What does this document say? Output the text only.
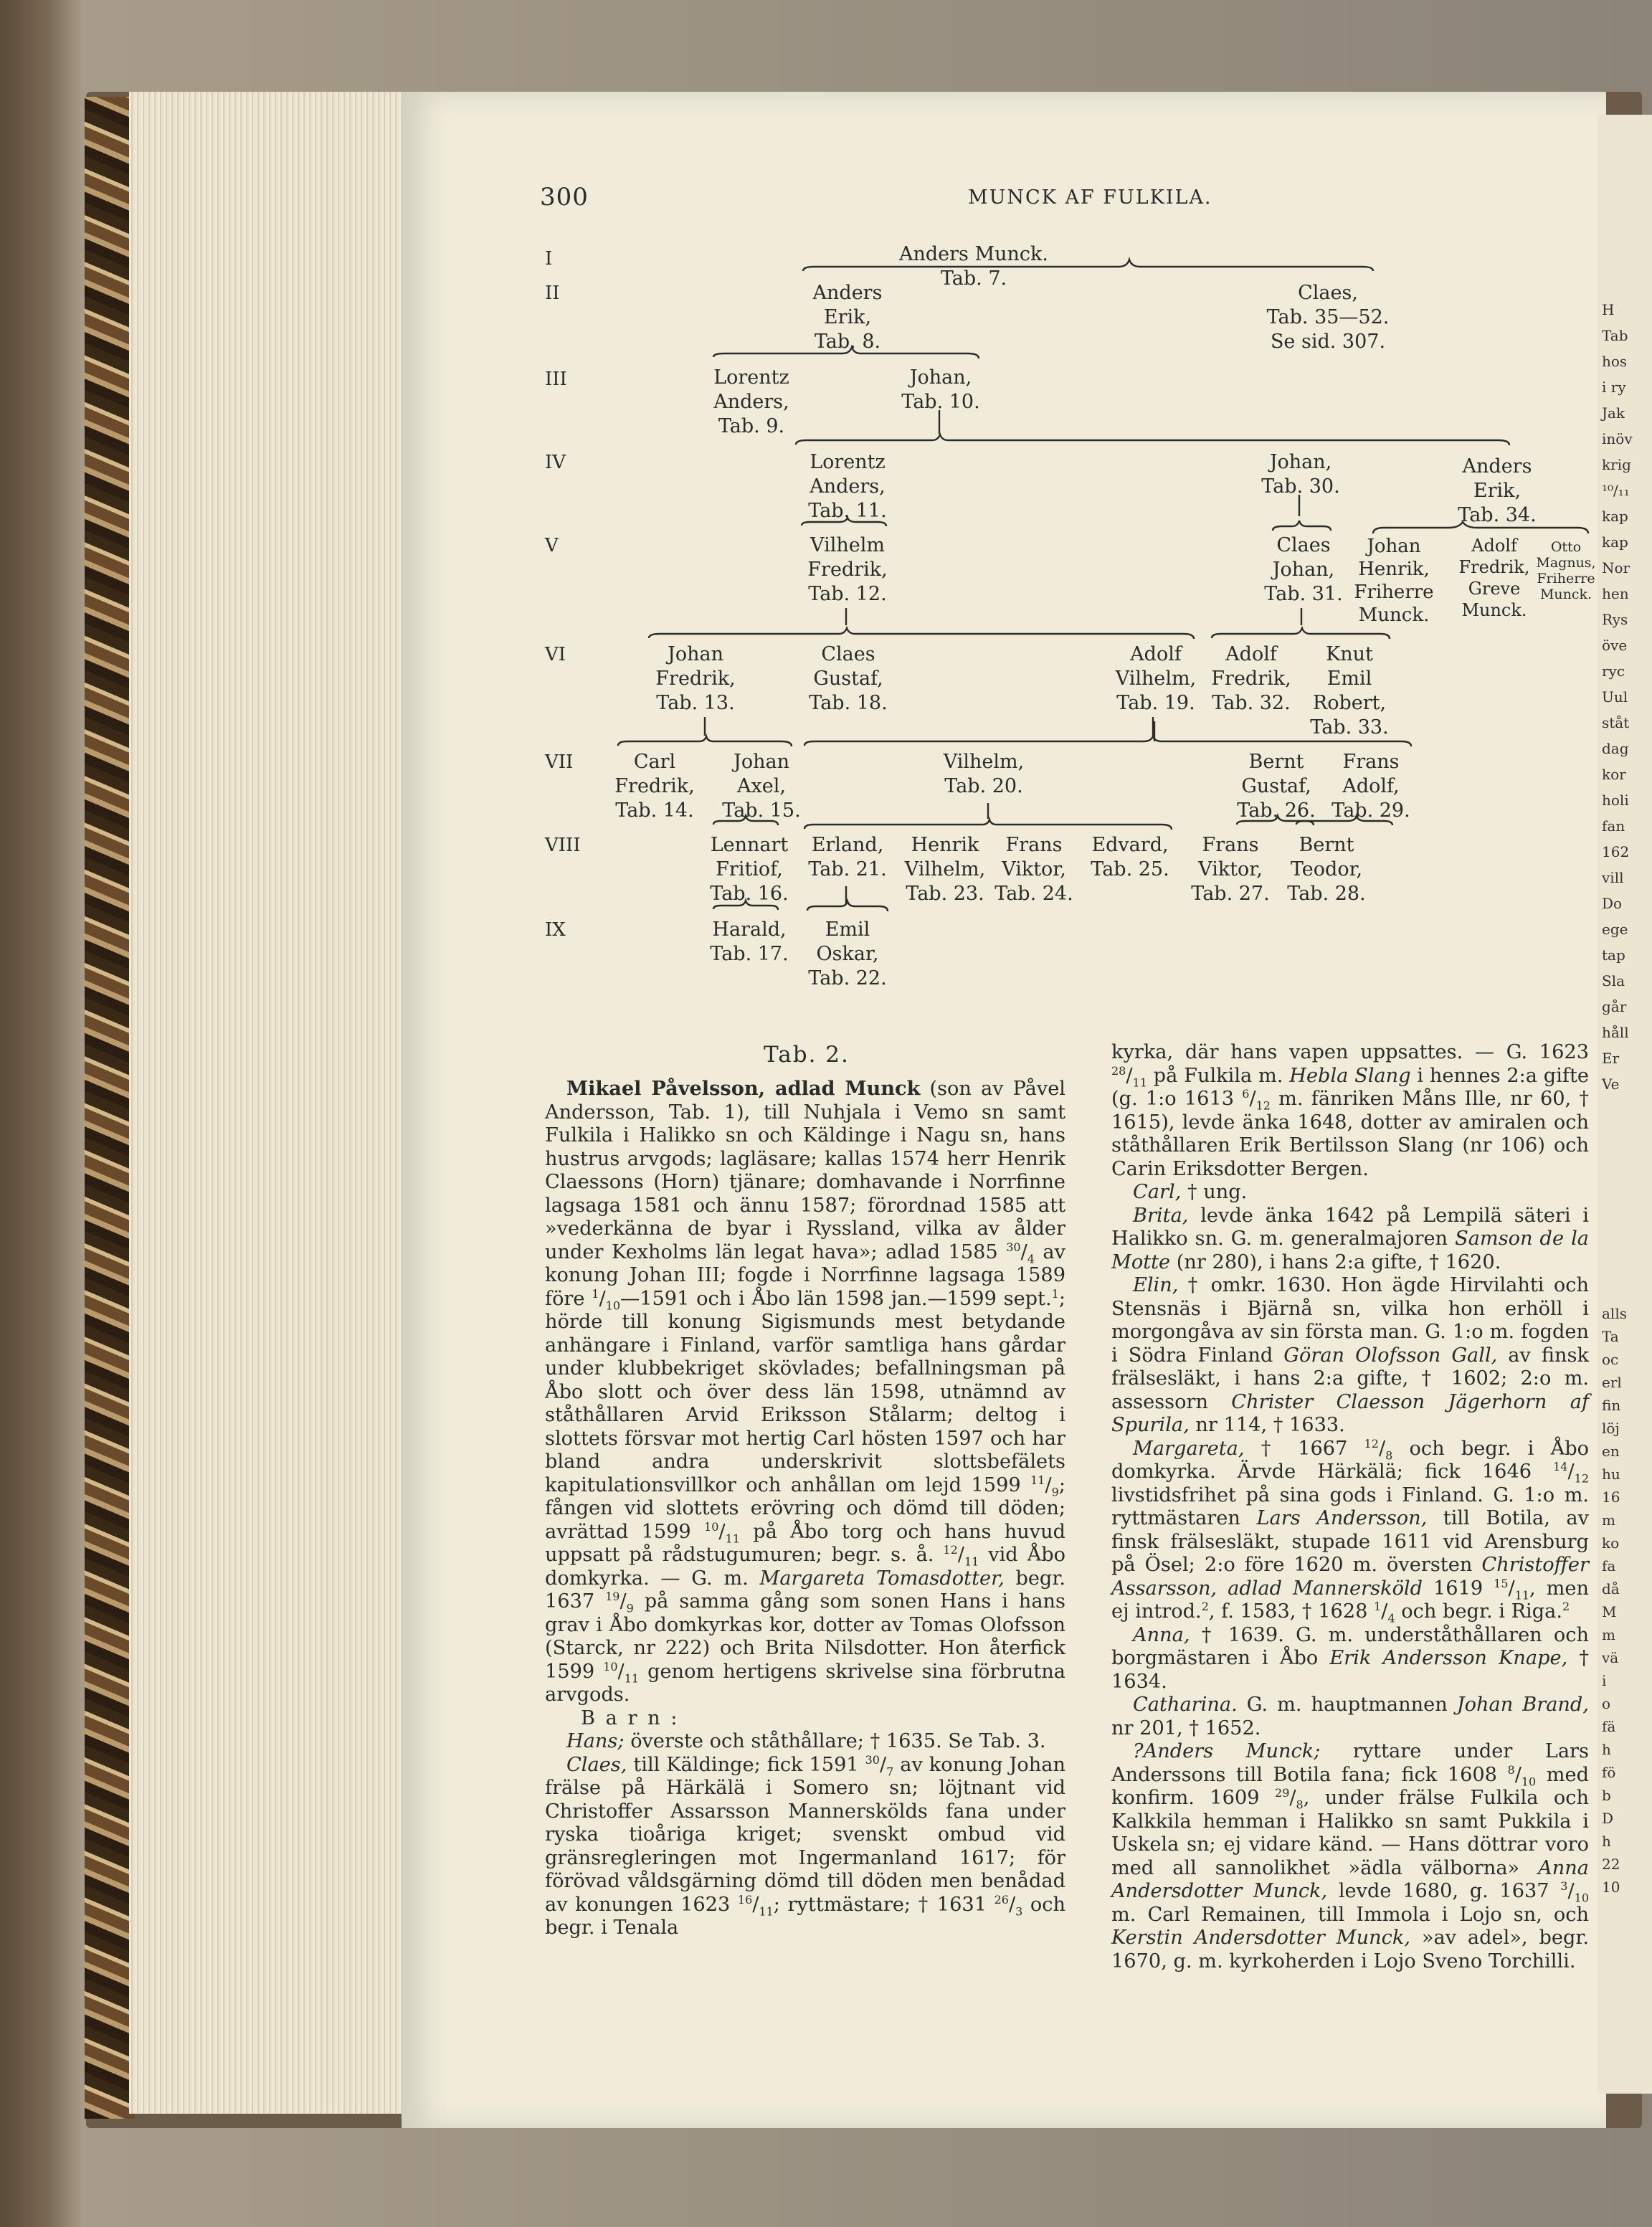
H
Tab
hos
i ry
Jak
inöv
krig
¹⁰/₁₁
kap
kap
Nor
hen
Rys
öve
ryc
Uul
ståt
dag
kor
holi
fan
162
vill
Do
ege
tap
Sla
går
håll
Er
Ve
alls
Ta
oc
erl
fin
löj
en
hu
16
m
ko
fa
då
M
m
vä
i
o
fä
h
fö
b
D
h
22
10
300	MUNCK AF FULKILA.
I
II
III
IV
V
VI
VII
VIII
IX
Anders Munck. Tab. 7.
Anders
Erik,
Tab. 8.
Claes,
Tab. 35—52.
Se sid. 307.
Lorentz
Anders,
Tab. 9.
Johan,
Tab. 10.
Lorentz
Anders,
Tab. 11.
Johan,
Tab. 30.
Anders
Erik,
Tab. 34.
Vilhelm
Fredrik,
Tab. 12.
Claes
Johan,
Tab. 31.
Johan
Henrik,
Friherre
Munck.
Adolf
Fredrik,
Greve
Munck.
Otto
Magnus,
Friherre
Munck.
Johan
Fredrik,
Tab. 13.
Claes
Gustaf,
Tab. 18.
Adolf
Vilhelm,
Tab. 19.
Adolf
Fredrik,
Tab. 32.
Knut
Emil
Robert,
Tab. 33.
Carl
Fredrik,
Tab. 14.
Johan
Axel,
Tab. 15.
Vilhelm,
Tab. 20.
Bernt
Gustaf,
Tab. 26.
Frans
Adolf,
Tab. 29.
Lennart
Fritiof,
Tab. 16.
Erland,
Tab. 21.
Henrik
Vilhelm,
Tab. 23.
Frans
Viktor,
Tab. 24.
Edvard,
Tab. 25.
Frans
Viktor,
Tab. 27.
Bernt
Teodor,
Tab. 28.
Harald,
Tab. 17.
Emil
Oskar,
Tab. 22.
Tab. 2.

Mikael Påvelsson, adlad Munck (son av Påvel Andersson, Tab. 1), till Nuhjala i Vemo sn samt Fulkila i Halikko sn och Käldinge i Nagu sn, hans hustrus arvgods; lagläsare; kallas 1574 herr Henrik Claessons (Horn) tjänare; domhavande i Norrfinne lagsaga 1581 och ännu 1587; förordnad 1585 att »vederkänna de byar i Ryssland, vilka av ålder under Kexholms län legat hava»; adlad 1585 $^{30}/_4$ av konung Johan III; fogde i Norrfinne lagsaga 1589 före $^1/_{10}—1591$ och i Åbo län 1598 jan.—1599 sept.$^1$; hörde till konung Sigismunds mest betydande anhängare i Finland, varför samtliga hans gårdar under klubbekriget skövlades; befallningsman på Åbo slott och över dess län 1598, utnämnd av ståthållaren Arvid Eriksson Stålarm; deltog i slottets försvar mot hertig Carl hösten 1597 och har bland andra underskrivit slottsbefälets kapitulationsvillkor och anhållan om lejd 1599 $^{11}/_9$; fången vid slottets erövring och dömd till döden; avrättad 1599 $^{10}/_{11}$ på Åbo torg och hans huvud uppsatt på rådstugumuren; begr. s. å. $^{12}/_{11}$ vid Åbo domkyrka. — G. m. Margareta Tomasdotter, begr. 1637 $^{19}/_9$ på samma gång som sonen Hans i hans grav i Åbo domkyrkas kor, dotter av Tomas Olofsson (Starck, nr 222) och Brita Nilsdotter. Hon återfick 1599 $^{10}/_{11}$ genom hertigens skrivelse sina förbrutna arvgods.

B a r n :

Hans; överste och ståthållare; † 1635. Se Tab. 3.

Claes, till Käldinge; fick 1591 $^{30}/_7$ av konung Johan frälse på Härkälä i Somero sn; löjtnant vid Christoffer Assarsson Mannerskölds fana under ryska tioåriga kriget; svenskt ombud vid gränsregleringen mot Ingermanland 1617; för förövad våldsgärning dömd till döden men benådad av konungen 1623 $^{16}/_{11}$; ryttmästare; † 1631 $^{26}/_3$ och begr. i Tenala

kyrka, där hans vapen uppsattes. — G. 1623 $^{28}/_{11}$ på Fulkila m. Hebla Slang i hennes 2:a gifte (g. 1:o 1613 $^6/_{12}$ m. fänriken Måns Ille, nr 60, † 1615), levde änka 1648, dotter av amiralen och ståthållaren Erik Bertilsson Slang (nr 106) och Carin Eriksdotter Bergen.

Carl, † ung.

Brita, levde änka 1642 på Lempilä säteri i Halikko sn. G. m. generalmajoren Samson de la Motte (nr 280), i hans 2:a gifte, † 1620.

Elin, † omkr. 1630. Hon ägde Hirvilahti och Stensnäs i Bjärnå sn, vilka hon erhöll i morgongåva av sin första man. G. 1:o m. fogden i Södra Finland Göran Olofsson Gall, av finsk frälsesläkt, i hans 2:a gifte, † 1602; 2:o m. assessorn Christer Claesson Jägerhorn af Spurila, nr 114, † 1633.

Margareta, † 1667 $^{12}/_8$ och begr. i Åbo domkyrka. Ärvde Härkälä; fick 1646 $^{14}/_{12}$ livstidsfrihet på sina gods i Finland. G. 1:o m. ryttmästaren Lars Andersson, till Botila, av finsk frälsesläkt, stupade 1611 vid Arensburg på Ösel; 2:o före 1620 m. översten Christoffer Assarsson, adlad Mannersköld 1619 $^{15}/_{11}$, men ej introd.$^2$, f. 1583, † 1628 $^1/_4$ och begr. i Riga.$^2$

Anna, † 1639. G. m. underståthållaren och borgmästaren i Åbo Erik Andersson Knape, † 1634.

Catharina. G. m. hauptmannen Johan Brand, nr 201, † 1652.

?Anders Munck; ryttare under Lars Anderssons till Botila fana; fick 1608 $^8/_{10}$ med konfirm. 1609 $^{29}/_8$, under frälse Fulkila och Kalkkila hemman i Halikko sn samt Pukkila i Uskela sn; ej vidare känd. — Hans döttrar voro med all sannolikhet »ädla välborna» Anna Andersdotter Munck, levde 1680, g. 1637 $^3/_{10}$ m. Carl Remainen, till Immola i Lojo sn, och Kerstin Andersdotter Munck, »av adel», begr. 1670, g. m. kyrkoherden i Lojo Sveno Torchilli.
